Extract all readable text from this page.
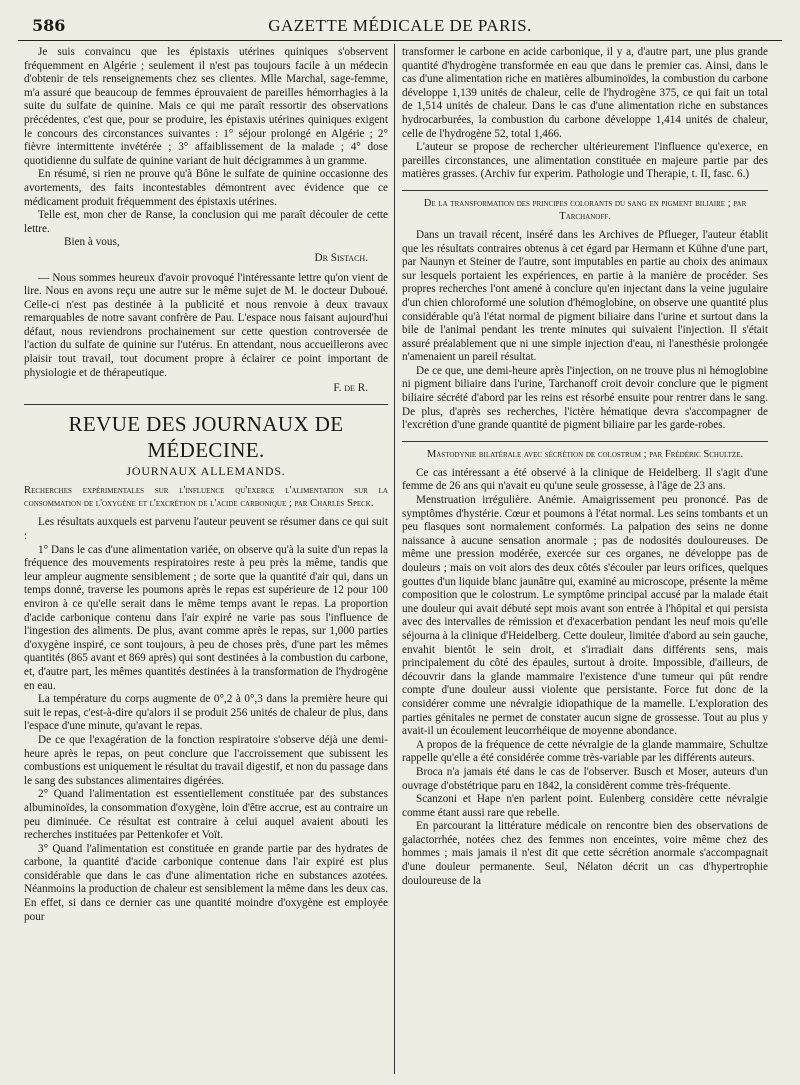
586	GAZETTE MÉDICALE DE PARIS.

Je suis convaincu que les épistaxis utérines quiniques s'observent fréquemment en Algérie ; seulement il n'est pas toujours facile à un médecin d'obtenir de tels renseignements chez ses clientes. Mlle Marchal, sage-femme, m'a assuré que beaucoup de femmes éprouvaient de pareilles hémorrhagies à la suite du sulfate de quinine. Mais ce qui me paraît ressortir des observations précédentes, c'est que, pour se produire, les épistaxis utérines quiniques exigent le concours des circonstances suivantes : 1° séjour prolongé en Algérie ; 2° fièvre intermittente invétérée ; 3° affaiblissement de la malade ; 4° dose quotidienne du sulfate de quinine variant de huit décigrammes à un gramme.

En résumé, si rien ne prouve qu'à Bône le sulfate de quinine occasionne des avortements, des faits incontestables démontrent avec évidence que ce médicament produit fréquemment des épistaxis utérines.

Telle est, mon cher de Ranse, la conclusion qui me paraît découler de cette lettre.

Bien à vous,

Dr Sistach.

— Nous sommes heureux d'avoir provoqué l'intéressante lettre qu'on vient de lire. Nous en avons reçu une autre sur le même sujet de M. le docteur Duboué. Celle-ci n'est pas destinée à la publicité et nous renvoie à deux travaux remarquables de notre savant confrère de Pau. L'espace nous faisant aujourd'hui défaut, nous reviendrons prochainement sur cette question controversée de l'action du sulfate de quinine sur l'utérus. En attendant, nous accueillerons avec plaisir tout travail, tout document propre à éclairer ce point important de physiologie et de thérapeutique.

F. de R.

REVUE DES JOURNAUX DE MÉDECINE.

JOURNAUX ALLEMANDS.

Recherches expérimentales sur l'influence qu'exerce l'alimentation sur la consommation de l'oxygène et l'excrétion de l'acide carbonique ; par Charles Speck.

Les résultats auxquels est parvenu l'auteur peuvent se résumer dans ce qui suit :

1° Dans le cas d'une alimentation variée, on observe qu'à la suite d'un repas la fréquence des mouvements respiratoires reste à peu près la même, tandis que leur ampleur augmente sensiblement ; de sorte que la quantité d'air qui, dans un temps donné, traverse les poumons après le repas est supérieure de 12 pour 100 environ à ce qu'elle serait dans le même temps avant le repas. La proportion d'acide carbonique contenu dans l'air expiré ne varie pas sous l'influence de l'ingestion des aliments. De plus, avant comme après le repas, sur 1,000 parties d'oxygène inspiré, ce sont toujours, à peu de choses près, d'une part les mêmes quantités (865 avant et 869 après) qui sont destinées à la combustion du carbone, et, d'autre part, les mêmes quantités destinées à la transformation de l'hydrogène en eau.

La température du corps augmente de 0°,2 à 0°,3 dans la première heure qui suit le repas, c'est-à-dire qu'alors il se produit 256 unités de chaleur de plus, dans l'espace d'une minute, qu'avant le repas.

De ce que l'exagération de la fonction respiratoire s'observe déjà une demi-heure après le repas, on peut conclure que l'accroissement que subissent les combustions est uniquement le résultat du travail digestif, et non du passage dans le sang des substances alimentaires digérées.

2° Quand l'alimentation est essentiellement constituée par des substances albuminoïdes, la consommation d'oxygène, loin d'être accrue, est au contraire un peu diminuée. Ce résultat est contraire à celui auquel avaient abouti les recherches instituées par Pettenkofer et Voït.

3° Quand l'alimentation est constituée en grande partie par des hydrates de carbone, la quantité d'acide carbonique contenue dans l'air expiré est plus considérable que dans le cas d'une alimentation riche en substances azotées. Néanmoins la production de chaleur est sensiblement la même dans les deux cas. En effet, si dans ce dernier cas une quantité moindre d'oxygène est employée pour

transformer le carbone en acide carbonique, il y a, d'autre part, une plus grande quantité d'hydrogène transformée en eau que dans le premier cas. Ainsi, dans le cas d'une alimentation riche en matières albuminoïdes, la combustion du carbone développe 1,139 unités de chaleur, celle de l'hydrogène 375, ce qui fait un total de 1,514 unités de chaleur. Dans le cas d'une alimentation riche en substances hydrocarburées, la combustion du carbone développe 1,414 unités de chaleur, celle de l'hydrogène 52, total 1,466.

L'auteur se propose de rechercher ultérieurement l'influence qu'exerce, en pareilles circonstances, une alimentation constituée en majeure partie par des matières grasses. (Archiv fur experim. Pathologie und Therapie, t. II, fasc. 6.)

De la transformation des principes colorants du sang en pigment biliaire ; par Tarchanoff.

Dans un travail récent, inséré dans les Archives de Pflueger, l'auteur établit que les résultats contraires obtenus à cet égard par Hermann et Kühne d'une part, par Naunyn et Steiner de l'autre, sont imputables en partie au choix des animaux sur lesquels portaient les expériences, en partie à la manière de procéder. Ses propres recherches l'ont amené à conclure qu'en injectant dans la veine jugulaire d'un chien chloroformé une solution d'hémoglobine, on observe une quantité plus considérable qu'à l'état normal de pigment biliaire dans l'urine et surtout dans la bile de l'animal pendant les trente minutes qui suivaient l'injection. Il s'était assuré préalablement que ni une simple injection d'eau, ni l'anesthésie prolongée n'amenaient un pareil résultat.

De ce que, une demi-heure après l'injection, on ne trouve plus ni hémoglobine ni pigment biliaire dans l'urine, Tarchanoff croit devoir conclure que le pigment biliaire sécrété d'abord par les reins est résorbé ensuite pour rentrer dans le sang. De plus, d'après ses recherches, l'ictère hématique devra s'accompagner de l'excrétion d'une grande quantité de pigment biliaire par les garde-robes.

Mastodynie bilatérale avec sécrétion de colostrum ; par Frédéric Schultze.

Ce cas intéressant a été observé à la clinique de Heidelberg. Il s'agit d'une femme de 26 ans qui n'avait eu qu'une seule grossesse, à l'âge de 23 ans.

Menstruation irrégulière. Anémie. Amaigrissement peu prononcé. Pas de symptômes d'hystérie. Cœur et poumons à l'état normal. Les seins tombants et un peu flasques sont normalement conformés. La palpation des seins ne donne naissance à aucune sensation anormale ; pas de nodosités douloureuses. De même une pression modérée, exercée sur ces organes, ne développe pas de douleurs ; mais on voit alors des deux côtés s'écouler par leurs orifices, quelques gouttes d'un liquide blanc jaunâtre qui, examiné au microscope, présente la même composition que le colostrum. Le symptôme principal accusé par la malade était une douleur qui avait débuté sept mois avant son entrée à l'hôpital et qui persista avec des intervalles de rémission et d'exacerbation pendant les neuf mois qu'elle séjourna à la clinique d'Heidelberg. Cette douleur, limitée d'abord au sein gauche, envahit bientôt le sein droit, et s'irradiait dans différents sens, mais principalement du côté des épaules, surtout à droite. Impossible, d'ailleurs, de découvrir dans la glande mammaire l'existence d'une tumeur qui pût rendre compte d'une douleur aussi violente que persistante. Force fut donc de la considérer comme une névralgie idiopathique de la mamelle. L'exploration des parties génitales ne permet de constater aucun signe de grossesse. Tout au plus y avait-il un écoulement leucorrhéique de moyenne abondance.

A propos de la fréquence de cette névralgie de la glande mammaire, Schultze rappelle qu'elle a été considérée comme très-variable par les différents auteurs.

Broca n'a jamais été dans le cas de l'observer. Busch et Moser, auteurs d'un ouvrage d'obstétrique paru en 1842, la considèrent comme très-fréquente.

Scanzoni et Hape n'en parlent point. Eulenberg considère cette névralgie comme étant aussi rare que rebelle.

En parcourant la littérature médicale on rencontre bien des observations de galactorrhée, notées chez des femmes non enceintes, voire même chez des hommes ; mais jamais il n'est dit que cette sécrétion anormale s'accompagnait d'une douleur permanente. Seul, Nélaton décrit un cas d'hypertrophie douloureuse de la
